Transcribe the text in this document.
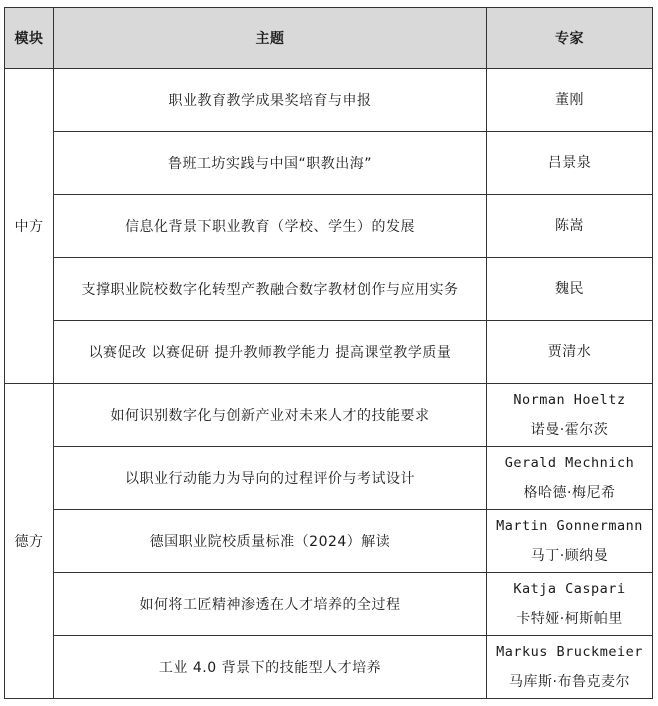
模块	主题	专家
中方	职业教育教学成果奖培育与申报	董刚

	鲁班工坊实践与中国“职教出海”	吕景泉

	信息化背景下职业教育（学校、学生）的发展	陈嵩

	支撑职业院校数字化转型产教融合数字教材创作与应用实务	魏民

	以赛促改 以赛促研 提升教师教学能力 提高课堂教学质量	贾清水

德方	如何识别数字化与创新产业对未来人才的技能要求	Norman Hoeltz
诺曼·霍尔茨

	以职业行动能力为导向的过程评价与考试设计	Gerald Mechnich
格哈德·梅尼希

	德国职业院校质量标准（2024）解读	Martin Gonnermann
马丁·顾纳曼

	如何将工匠精神渗透在人才培养的全过程	Katja Caspari
卡特娅·柯斯帕里

	工业 4.0 背景下的技能型人才培养	Markus Bruckmeier
马库斯·布鲁克麦尔
